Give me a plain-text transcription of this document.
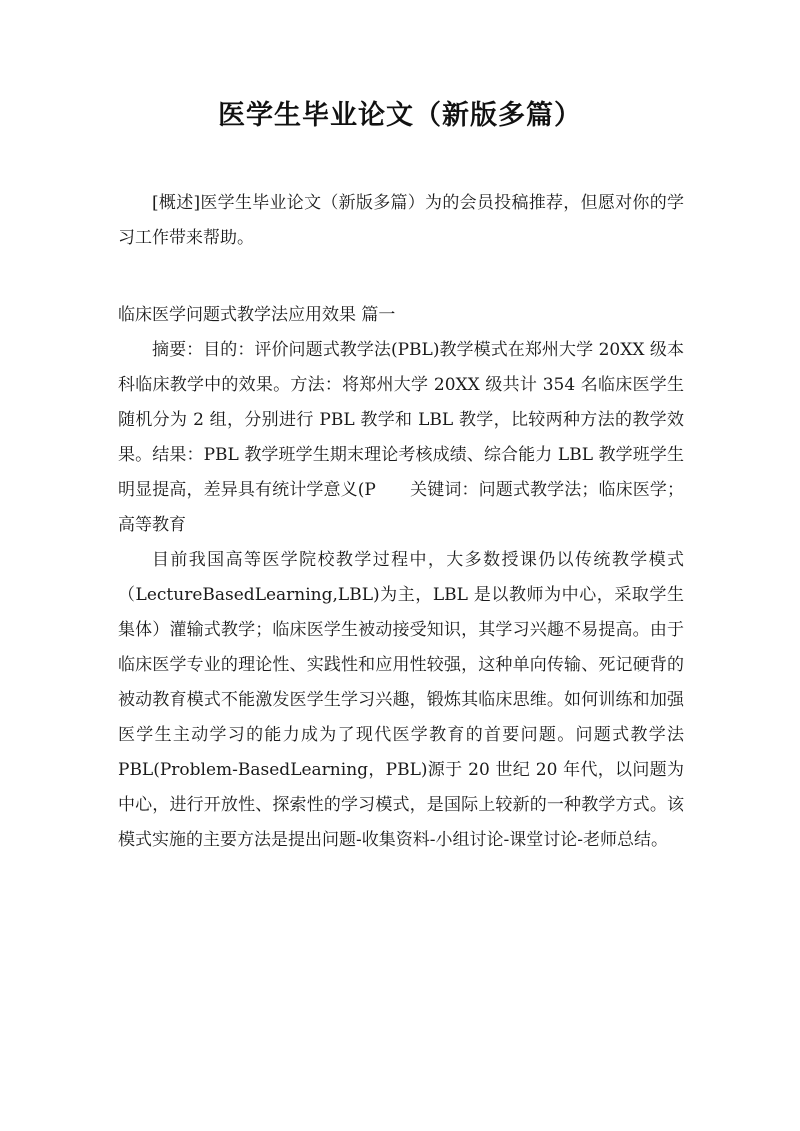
医学生毕业论文（新版多篇）

[概述]医学生毕业论文（新版多篇）为的会员投稿推荐，但愿对你的学习工作带来帮助。

临床医学问题式教学法应用效果 篇一

摘要：目的：评价问题式教学法(PBL)教学模式在郑州大学 20XX 级本科临床教学中的效果。方法：将郑州大学 20XX 级共计 354 名临床医学生随机分为 2 组，分别进行 PBL 教学和 LBL 教学，比较两种方法的教学效果。结果：PBL 教学班学生期末理论考核成绩、综合能力 LBL 教学班学生明显提高，差异具有统计学意义(P　　关键词：问题式教学法；临床医学；高等教育

目前我国高等医学院校教学过程中，大多数授课仍以传统教学模式（LectureBasedLearning,LBL)为主，LBL 是以教师为中心，采取学生集体）灌输式教学；临床医学生被动接受知识，其学习兴趣不易提高。由于临床医学专业的理论性、实践性和应用性较强，这种单向传输、死记硬背的被动教育模式不能激发医学生学习兴趣，锻炼其临床思维。如何训练和加强医学生主动学习的能力成为了现代医学教育的首要问题。问题式教学法 PBL(Problem-BasedLearning，PBL)源于 20 世纪 20 年代，以问题为中心，进行开放性、探索性的学习模式，是国际上较新的一种教学方式。该模式实施的主要方法是提出问题-收集资料-小组讨论-课堂讨论-老师总结。
